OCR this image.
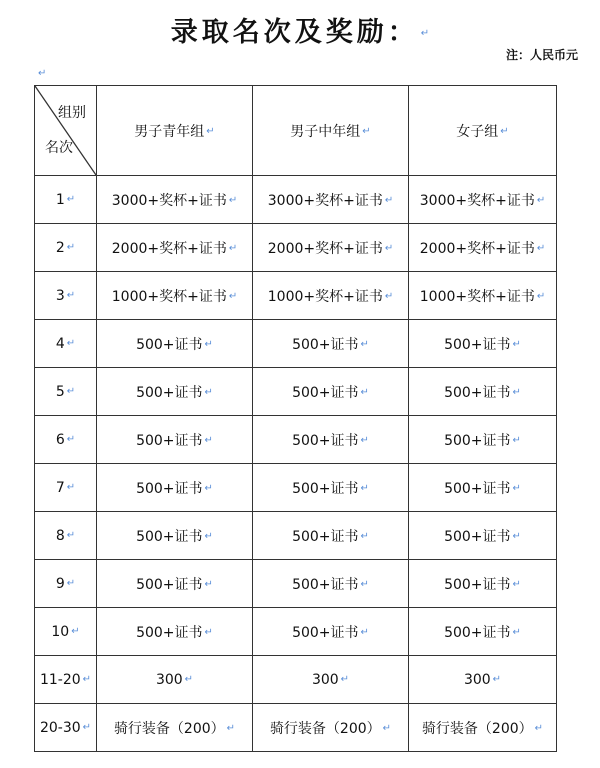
录取名次及奖励： ↵
注：人民币元
↵
组别
名次	男子青年组 ↵	男子中年组 ↵	女子组 ↵
1 ↵	3000+奖杯+证书 ↵	3000+奖杯+证书 ↵	3000+奖杯+证书 ↵
2 ↵	2000+奖杯+证书 ↵	2000+奖杯+证书 ↵	2000+奖杯+证书 ↵
3 ↵	1000+奖杯+证书 ↵	1000+奖杯+证书 ↵	1000+奖杯+证书 ↵
4 ↵	500+证书 ↵	500+证书 ↵	500+证书 ↵
5 ↵	500+证书 ↵	500+证书 ↵	500+证书 ↵
6 ↵	500+证书 ↵	500+证书 ↵	500+证书 ↵
7 ↵	500+证书 ↵	500+证书 ↵	500+证书 ↵
8 ↵	500+证书 ↵	500+证书 ↵	500+证书 ↵
9 ↵	500+证书 ↵	500+证书 ↵	500+证书 ↵
10 ↵	500+证书 ↵	500+证书 ↵	500+证书 ↵
11-20 ↵	300 ↵	300 ↵	300 ↵
20-30 ↵	骑行装备（200） ↵	骑行装备（200） ↵	骑行装备（200） ↵
